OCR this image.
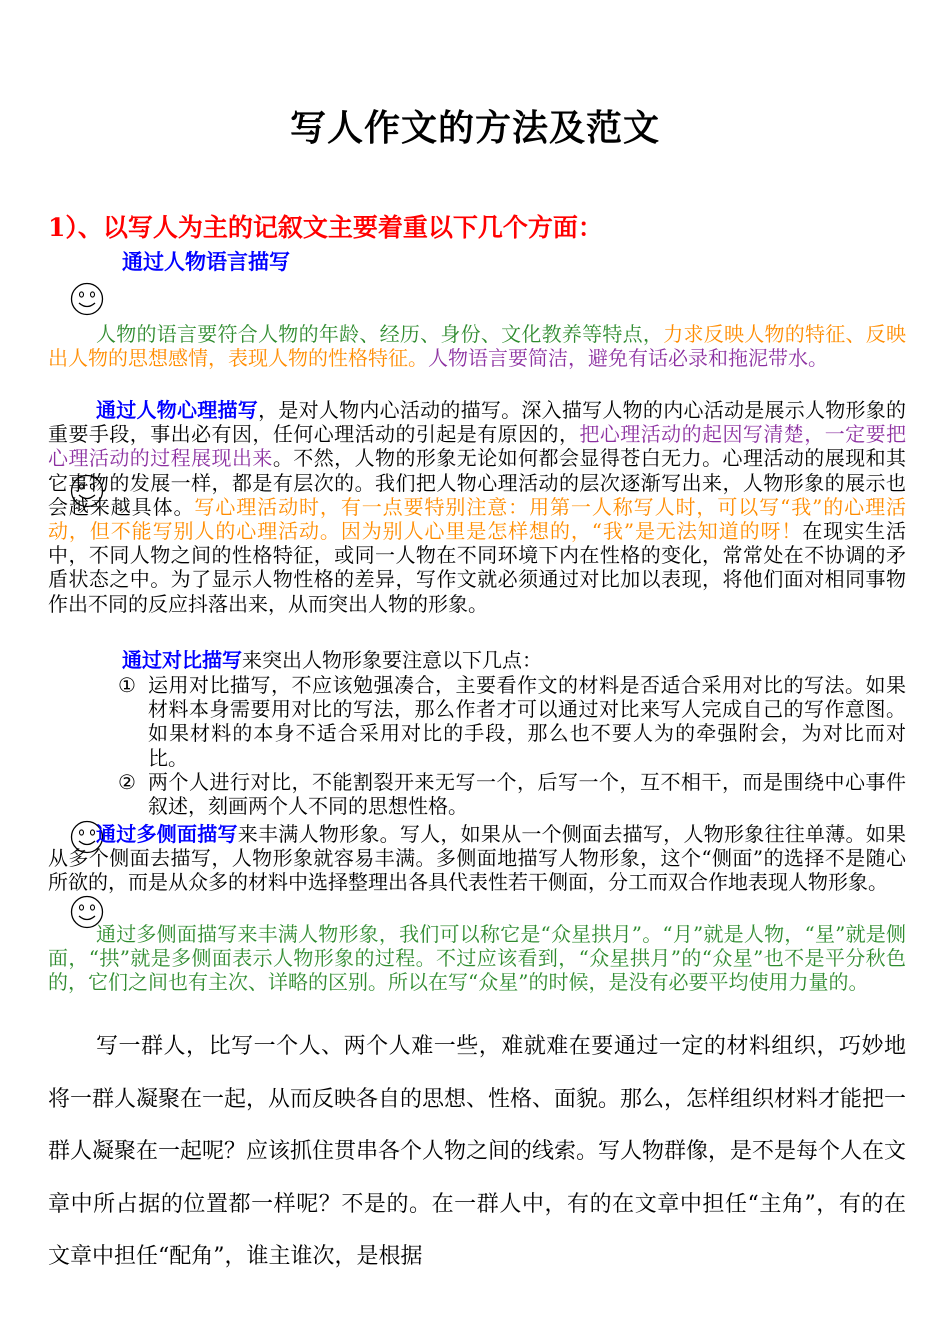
写人作文的方法及范文
1）、以写人为主的记叙文主要着重以下几个方面：
通过人物语言描写
人物的语言要符合人物的年龄、经历、身份、文化教养等特点，力求反映人物的特征、反映出人物的思想感情，表现人物的性格特征。人物语言要简洁，避免有话必录和拖泥带水。
通过人物心理描写，是对人物内心活动的描写。深入描写人物的内心活动是展示人物形象的重要手段，事出必有因，任何心理活动的引起是有原因的，把心理活动的起因写清楚，一定要把心理活动的过程展现出来。不然，人物的形象无论如何都会显得苍白无力。心理活动的展现和其它事物的发展一样，都是有层次的。我们把人物心理活动的层次逐渐写出来，人物形象的展示也会越来越具体。写心理活动时，有一点要特别注意：用第一人称写人时，可以写“我”的心理活动，但不能写别人的心理活动。因为别人心里是怎样想的，“我”是无法知道的呀！在现实生活中，不同人物之间的性格特征，或同一人物在不同环境下内在性格的变化，常常处在不协调的矛盾状态之中。为了显示人物性格的差异，写作文就必须通过对比加以表现，将他们面对相同事物作出不同的反应抖落出来，从而突出人物的形象。
通过对比描写来突出人物形象要注意以下几点：
① 运用对比描写，不应该勉强凑合，主要看作文的材料是否适合采用对比的写法。如果材料本身需要用对比的写法，那么作者才可以通过对比来写人完成自己的写作意图。如果材料的本身不适合采用对比的手段，那么也不要人为的牵强附会，为对比而对比。
② 两个人进行对比，不能割裂开来无写一个，后写一个，互不相干，而是围绕中心事件叙述，刻画两个人不同的思想性格。
通过多侧面描写来丰满人物形象。写人，如果从一个侧面去描写，人物形象往往单薄。如果从多个侧面去描写，人物形象就容易丰满。多侧面地描写人物形象，这个“侧面”的选择不是随心所欲的，而是从众多的材料中选择整理出各具代表性若干侧面，分工而双合作地表现人物形象。
通过多侧面描写来丰满人物形象，我们可以称它是“众星拱月”。“月”就是人物，“星”就是侧面，“拱”就是多侧面表示人物形象的过程。不过应该看到，“众星拱月”的“众星”也不是平分秋色的，它们之间也有主次、详略的区别。所以在写“众星”的时候，是没有必要平均使用力量的。
写一群人，比写一个人、两个人难一些，难就难在要通过一定的材料组织，巧妙地将一群人凝聚在一起，从而反映各自的思想、性格、面貌。那么，怎样组织材料才能把一群人凝聚在一起呢？应该抓住贯串各个人物之间的线索。写人物群像，是不是每个人在文章中所占据的位置都一样呢？不是的。在一群人中，有的在文章中担任“主角”，有的在文章中担任“配角”，谁主谁次，是根据
